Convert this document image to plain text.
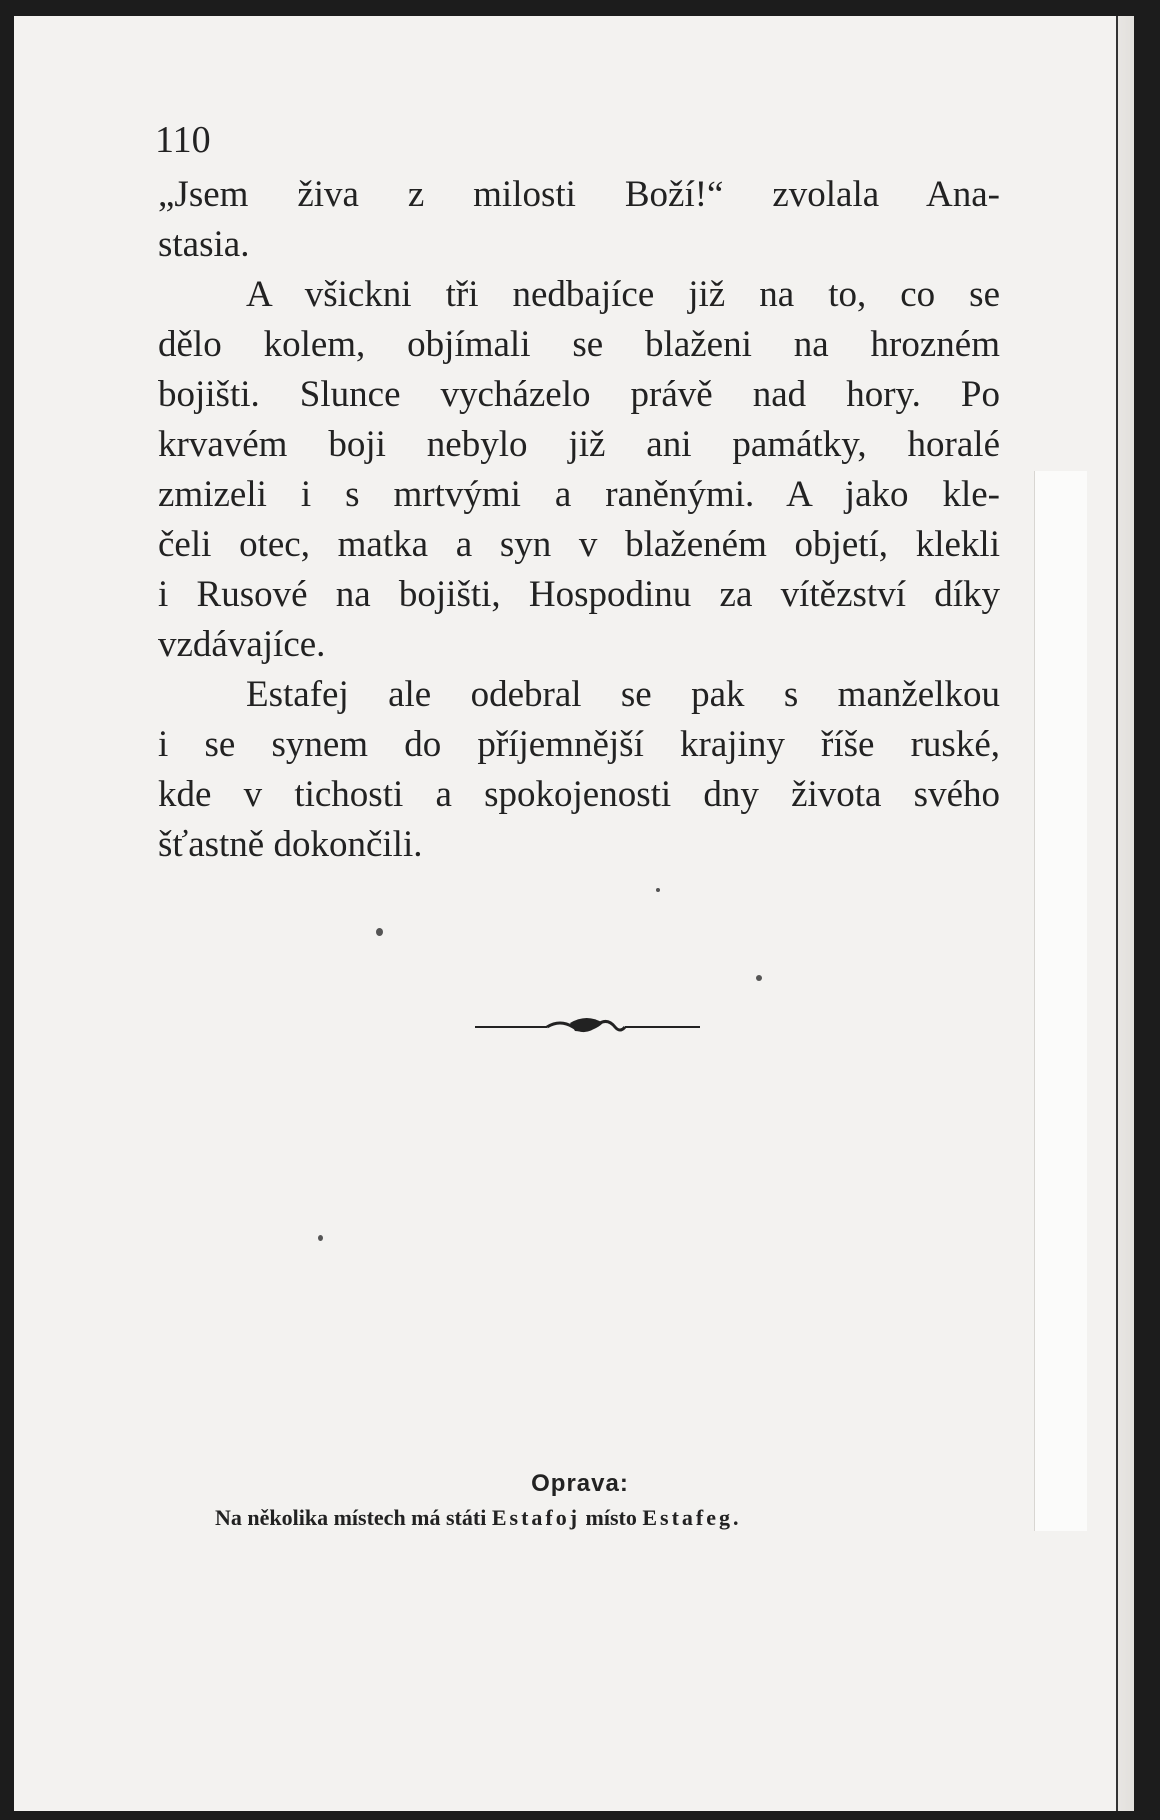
110
„Jsem živa z milosti Boží!“ zvolala Ana-
stasia.
A všickni tři nedbajíce již na to, co se
dělo kolem, objímali se blaženi na hrozném
bojišti. Slunce vycházelo právě nad hory. Po
krvavém boji nebylo již ani památky, horalé
zmizeli i s mrtvými a raněnými. A jako kle-
čeli otec, matka a syn v blaženém objetí, klekli
i Rusové na bojišti, Hospodinu za vítězství díky
vzdávajíce.
Estafej ale odebral se pak s manželkou
i se synem do příjemnější krajiny říše ruské,
kde v tichosti a spokojenosti dny života svého
šťastně dokončili.
Oprava:
Na několika místech má státi Estafoj místo Estafeg.
